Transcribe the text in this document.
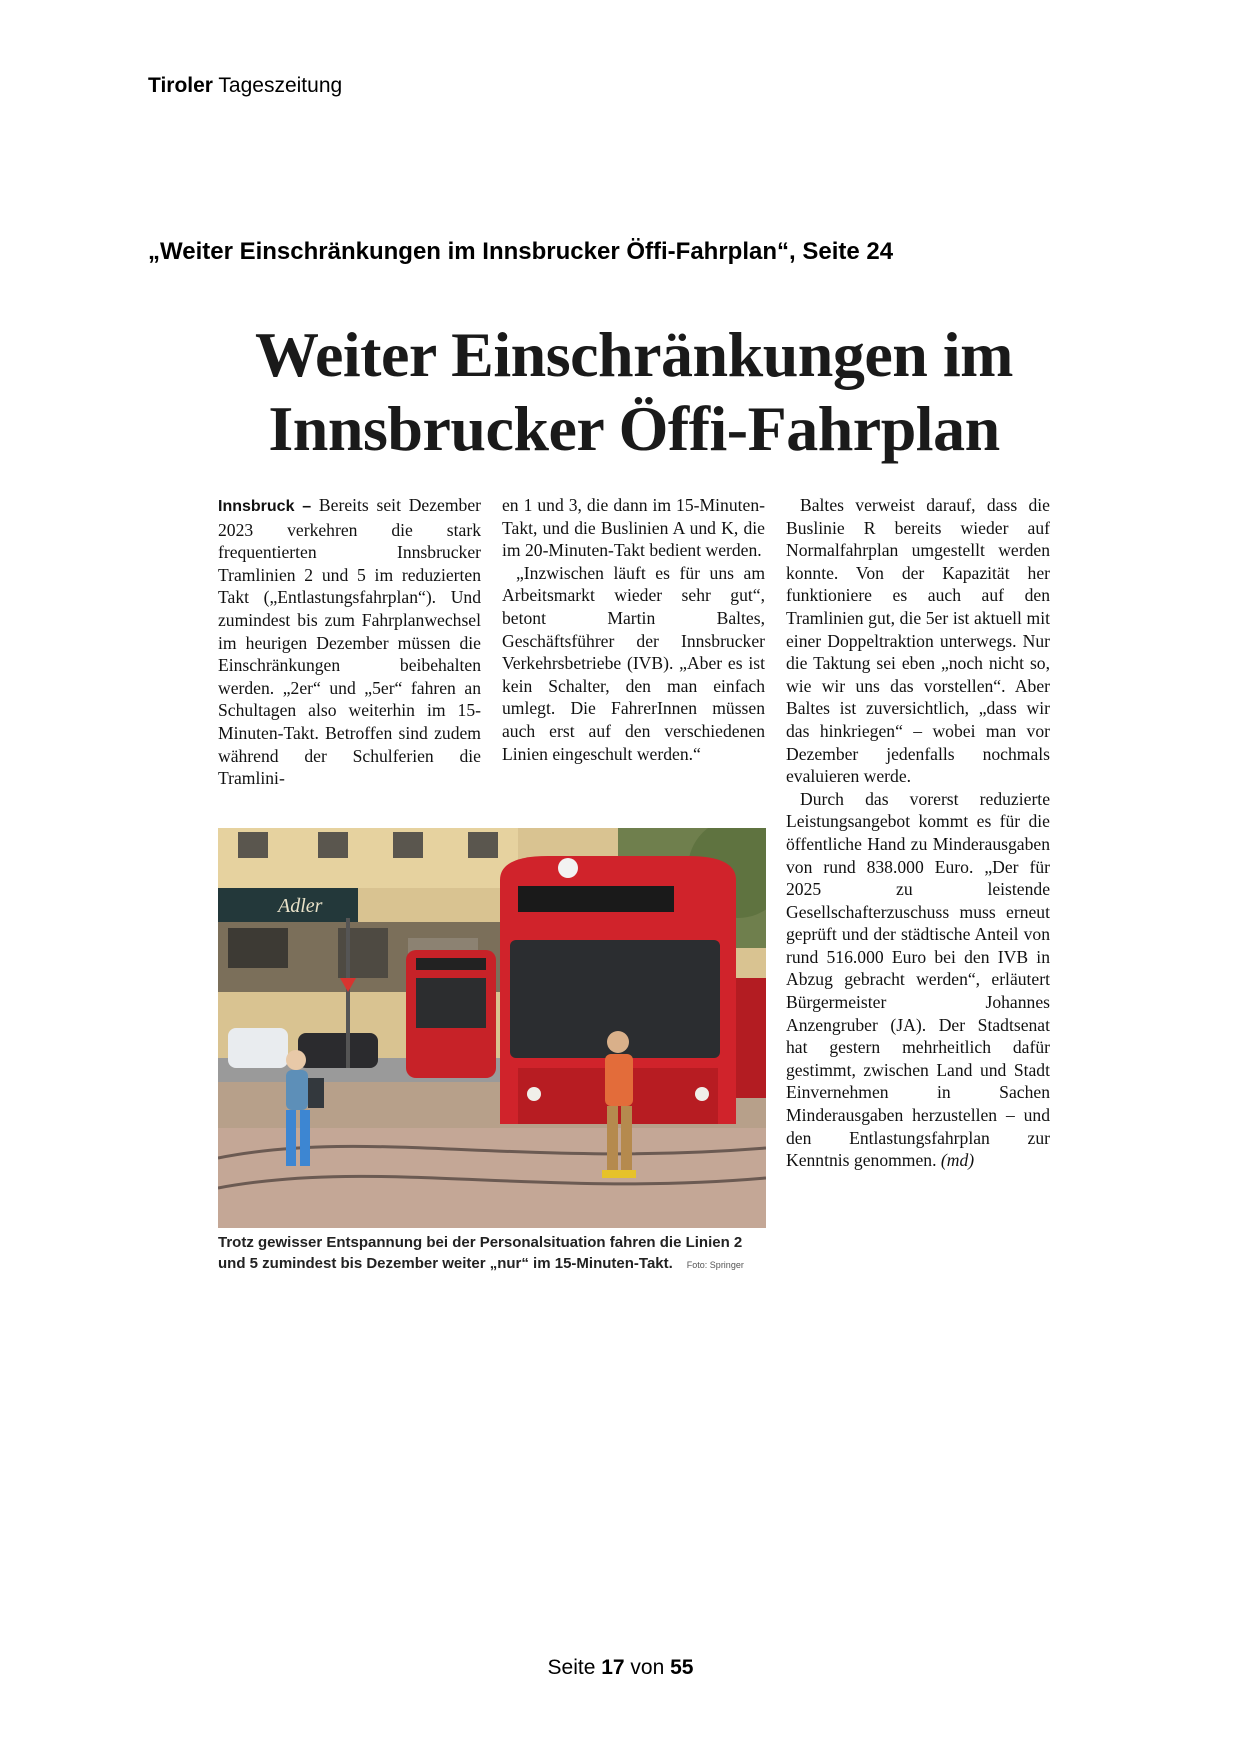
Tiroler Tageszeitung
„Weiter Einschränkungen im Innsbrucker Öffi-Fahrplan“, Seite 24
Weiter Einschränkungen im
Innsbrucker Öffi-Fahrplan

Innsbruck – Bereits seit Dezember 2023 verkehren die stark frequentierten Innsbrucker Tramlinien 2 und 5 im reduzierten Takt („Entlastungsfahrplan“). Und zumindest bis zum Fahrplanwechsel im heurigen Dezember müssen die Einschränkungen beibehalten werden. „2er“ und „5er“ fahren an Schultagen also weiterhin im 15-Minuten-Takt. Betroffen sind zudem während der Schulferien die Tramlini-

en 1 und 3, die dann im 15-Minuten-Takt, und die Buslinien A und K, die im 20-Minuten-Takt bedient werden.

„Inzwischen läuft es für uns am Arbeitsmarkt wieder sehr gut“, betont Martin Baltes, Geschäftsführer der Innsbrucker Verkehrsbetriebe (IVB). „Aber es ist kein Schalter, den man einfach umlegt. Die FahrerInnen müssen auch erst auf den verschiedenen Linien eingeschult werden.“

Baltes verweist darauf, dass die Buslinie R bereits wieder auf Normalfahrplan umgestellt werden konnte. Von der Kapazität her funktioniere es auch auf den Tramlinien gut, die 5er ist aktuell mit einer Doppeltraktion unterwegs. Nur die Taktung sei eben „noch nicht so, wie wir uns das vorstellen“. Aber Baltes ist zuversichtlich, „dass wir das hinkriegen“ – wobei man vor Dezember jedenfalls nochmals evaluieren werde.

Durch das vorerst reduzierte Leistungsangebot kommt es für die öffentliche Hand zu Minderausgaben von rund 838.000 Euro. „Der für 2025 zu leistende Gesellschafterzuschuss muss erneut geprüft und der städtische Anteil von rund 516.000 Euro bei den IVB in Abzug gebracht werden“, erläutert Bürgermeister Johannes Anzengruber (JA). Der Stadtsenat hat gestern mehrheitlich dafür gestimmt, zwischen Land und Stadt Einvernehmen in Sachen Minderausgaben herzustellen – und den Entlastungsfahrplan zur Kenntnis genommen. (md)

Adler
Trotz gewisser Entspannung bei der Personalsituation fahren die Linien 2 und 5 zumindest bis Dezember weiter „nur“ im 15-Minuten-Takt. Foto: Springer
Seite 17 von 55
